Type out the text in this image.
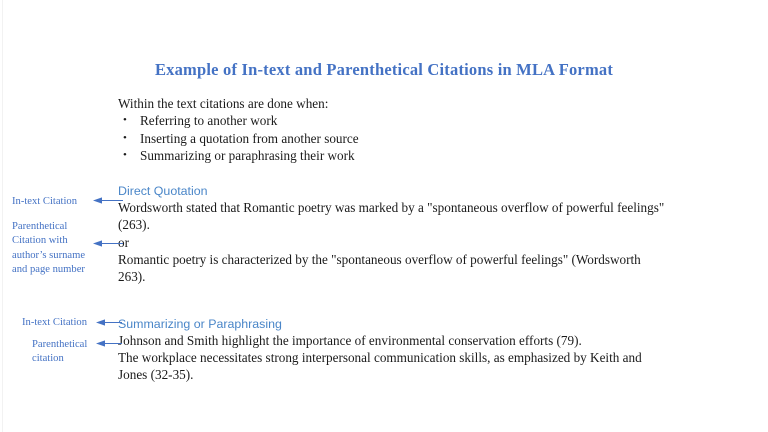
Example of In-text and Parenthetical Citations in MLA Format
Within the text citations are done when:
• Referring to another work
• Inserting a quotation from another source
• Summarizing or paraphrasing their work
Direct Quotation
Wordsworth stated that Romantic poetry was marked by a "spontaneous overflow of powerful feelings"
(263).
or
Romantic poetry is characterized by the "spontaneous overflow of powerful feelings" (Wordsworth
263).
Summarizing or Paraphrasing
Johnson and Smith highlight the importance of environmental conservation efforts (79).
The workplace necessitates strong interpersonal communication skills, as emphasized by Keith and
Jones (32-35).
In-text Citation
Parenthetical Citation with author’s surname and page number
In-text Citation
Parenthetical citation
